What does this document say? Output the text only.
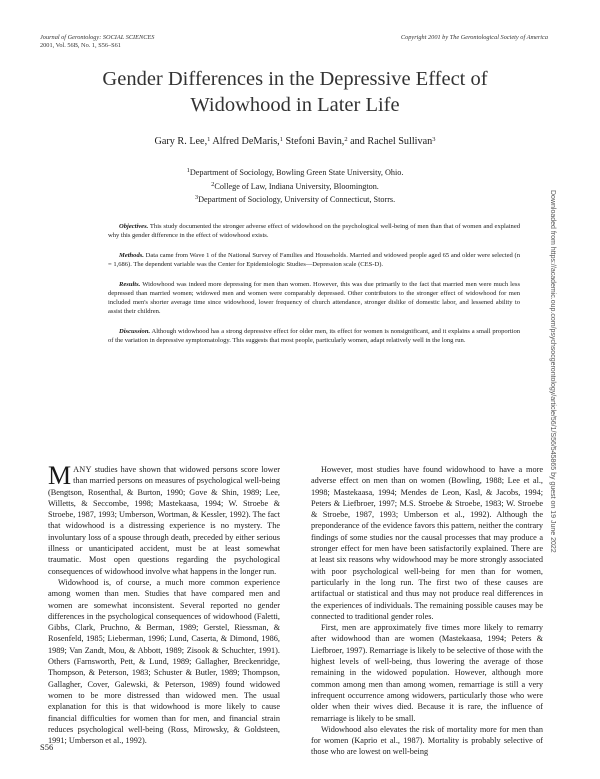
Journal of Gerontology: SOCIAL SCIENCES
2001, Vol. 56B, No. 1, S56–S61
Copyright 2001 by The Gerontological Society of America
Gender Differences in the Depressive Effect of
Widowhood in Later Life
Gary R. Lee,$^1$ Alfred DeMaris,$^1$ Stefoni Bavin,$^2$ and Rachel Sullivan$^3$
$^1$Department of Sociology, Bowling Green State University, Ohio.
$^2$College of Law, Indiana University, Bloomington.
$^3$Department of Sociology, University of Connecticut, Storrs.

Objectives. This study documented the stronger adverse effect of widowhood on the psychological well-being of men than that of women and explained why this gender difference in the effect of widowhood exists.

Methods. Data came from Wave 1 of the National Survey of Families and Households. Married and widowed people aged 65 and older were selected (n = 1,686). The dependent variable was the Center for Epidemiologic Studies—Depression scale (CES-D).

Results. Widowhood was indeed more depressing for men than women. However, this was due primarily to the fact that married men were much less depressed than married women; widowed men and women were comparably depressed. Other contributors to the stronger effect of widowhood for men included men's shorter average time since widowhood, lower frequency of church attendance, stronger dislike of domestic labor, and lessened ability to assist their children.

Discussion. Although widowhood has a strong depressive effect for older men, its effect for women is nonsignificant, and it explains a small proportion of the variation in depressive symptomatology. This suggests that most people, particularly women, adapt relatively well in the long run.

MANY studies have shown that widowed persons score lower than married persons on measures of psychological well-being (Bengtson, Rosenthal, & Burton, 1990; Gove & Shin, 1989; Lee, Willetts, & Seccombe, 1998; Mastekaasa, 1994; W. Stroebe & Stroebe, 1987, 1993; Umberson, Wortman, & Kessler, 1992). The fact that widowhood is a distressing experience is no mystery. The involuntary loss of a spouse through death, preceded by either serious illness or unanticipated accident, must be at least somewhat traumatic. Most open questions regarding the psychological consequences of widowhood involve what happens in the longer run.

Widowhood is, of course, a much more common experience among women than men. Studies that have compared men and women are somewhat inconsistent. Several reported no gender differences in the psychological consequences of widowhood (Faletti, Gibbs, Clark, Pruchno, & Berman, 1989; Gerstel, Riessman, & Rosenfeld, 1985; Lieberman, 1996; Lund, Caserta, & Dimond, 1986, 1989; Van Zandt, Mou, & Abbott, 1989; Zisook & Schuchter, 1991). Others (Farnsworth, Pett, & Lund, 1989; Gallagher, Breckenridge, Thompson, & Peterson, 1983; Schuster & Butler, 1989; Thompson, Gallagher, Cover, Galewski, & Peterson, 1989) found widowed women to be more distressed than widowed men. The usual explanation for this is that widowhood is more likely to cause financial difficulties for women than for men, and financial strain reduces psychological well-being (Ross, Mirowsky, & Goldsteen, 1991; Umberson et al., 1992).

However, most studies have found widowhood to have a more adverse effect on men than on women (Bowling, 1988; Lee et al., 1998; Mastekaasa, 1994; Mendes de Leon, Kasl, & Jacobs, 1994; Peters & Liefbroer, 1997; M.S. Stroebe & Stroebe, 1983; W. Stroebe & Stroebe, 1987, 1993; Umberson et al., 1992). Although the preponderance of the evidence favors this pattern, neither the contrary findings of some studies nor the causal processes that may produce a stronger effect for men have been satisfactorily explained. There are at least six reasons why widowhood may be more strongly associated with poor psychological well-being for men than for women, particularly in the long run. The first two of these causes are artifactual or statistical and thus may not produce real differences in the experiences of individuals. The remaining possible causes may be connected to traditional gender roles.

First, men are approximately five times more likely to remarry after widowhood than are women (Mastekaasa, 1994; Peters & Liefbroer, 1997). Remarriage is likely to be selective of those with the highest levels of well-being, thus lowering the average of those remaining in the widowed population. However, although more common among men than among women, remarriage is still a very infrequent occurrence among widowers, particularly those who were older when their wives died. Because it is rare, the influence of remarriage is likely to be small.

Widowhood also elevates the risk of mortality more for men than for women (Kaprio et al., 1987). Mortality is probably selective of those who are lowest on well-being

S56
Downloaded from https://academic.oup.com/psychsocgerontology/article/56/1/S56/545865 by guest on 19 June 2022
